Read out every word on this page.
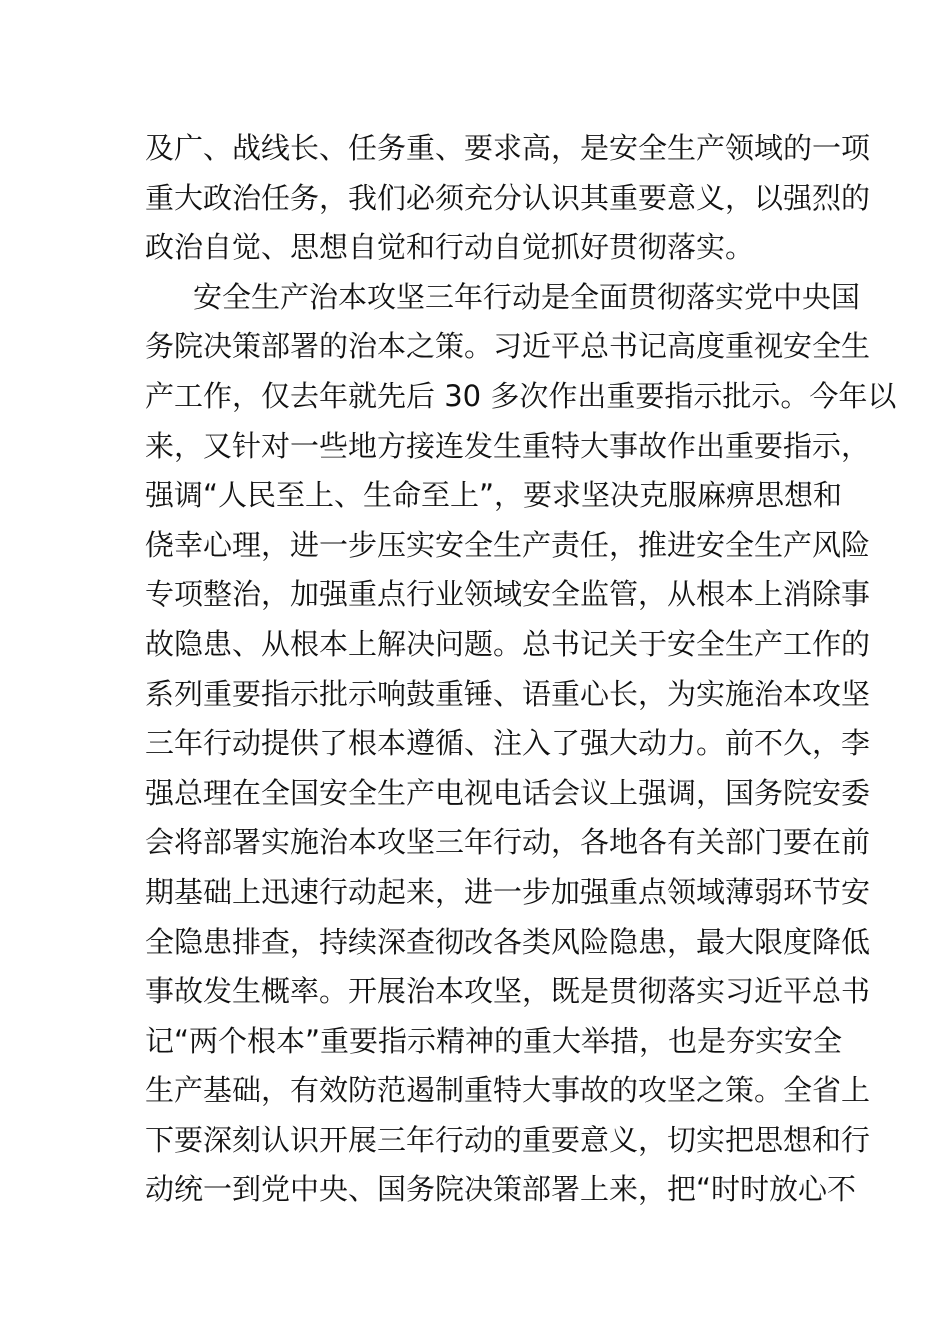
及广、战线长、任务重、要求高，是安全生产领域的一项
重大政治任务，我们必须充分认识其重要意义，以强烈的
政治自觉、思想自觉和行动自觉抓好贯彻落实。
安全生产治本攻坚三年行动是全面贯彻落实党中央国
务院决策部署的治本之策。习近平总书记高度重视安全生
产工作，仅去年就先后 30 多次作出重要指示批示。今年以
来，又针对一些地方接连发生重特大事故作出重要指示，
强调“人民至上、生命至上”，要求坚决克服麻痹思想和
侥幸心理，进一步压实安全生产责任，推进安全生产风险
专项整治，加强重点行业领域安全监管，从根本上消除事
故隐患、从根本上解决问题。总书记关于安全生产工作的
系列重要指示批示响鼓重锤、语重心长，为实施治本攻坚
三年行动提供了根本遵循、注入了强大动力。前不久，李
强总理在全国安全生产电视电话会议上强调，国务院安委
会将部署实施治本攻坚三年行动，各地各有关部门要在前
期基础上迅速行动起来，进一步加强重点领域薄弱环节安
全隐患排查，持续深查彻改各类风险隐患，最大限度降低
事故发生概率。开展治本攻坚，既是贯彻落实习近平总书
记“两个根本”重要指示精神的重大举措，也是夯实安全
生产基础，有效防范遏制重特大事故的攻坚之策。全省上
下要深刻认识开展三年行动的重要意义，切实把思想和行
动统一到党中央、国务院决策部署上来，把“时时放心不
